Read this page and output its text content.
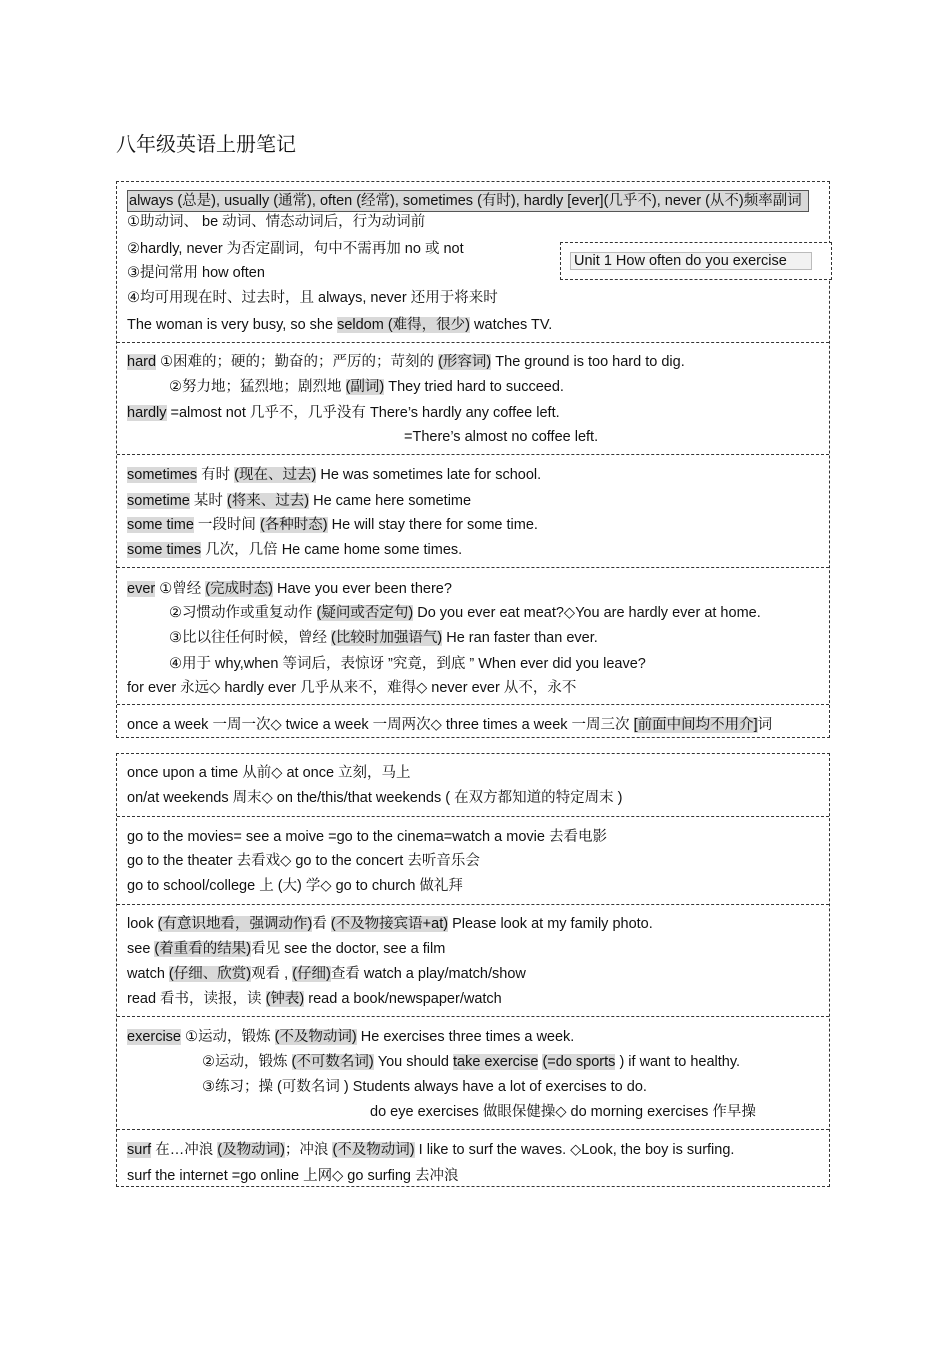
八年级英语上册笔记
always (总是), usually (通常), often (经常), sometimes (有时), hardly [ever](几乎不), never (从不)频率副词
①助动词、 be 动词、情态动词后，行为动词前
②hardly, never 为否定副词，句中不需再加 no 或 not
③提问常用 how often
④均可用现在时、过去时，且 always, never 还用于将来时
The woman is very busy, so she seldom (难得，很少) watches TV.
Unit 1 How often do you exercise
hard ①困难的；硬的；勤奋的；严厉的；苛刻的 (形容词) The ground is too hard to dig.
②努力地；猛烈地；剧烈地 (副词) They tried hard to succeed.
hardly =almost not 几乎不，几乎没有 There’s hardly any coffee left.
=There’s almost no coffee left.
sometimes 有时 (现在、过去) He was sometimes late for school.
sometime 某时 (将来、过去) He came here sometime
some time 一段时间 (各种时态) He will stay there for some time.
some times 几次，几倍 He came home some times.
ever ①曾经 (完成时态) Have you ever been there?
②习惯动作或重复动作 (疑问或否定句) Do you ever eat meat?◇You are hardly ever at home.
③比以往任何时候，曾经 (比较时加强语气) He ran faster than ever.
④用于 why,when 等词后，表惊讶 ”究竟，到底 ” When ever did you leave?
for ever 永远◇ hardly ever 几乎从来不，难得◇ never ever 从不，永不
once a week 一周一次◇ twice a week 一周两次◇ three times a week 一周三次 [前面中间均不用介]词
once upon a time 从前◇ at once 立刻，马上
on/at weekends 周末◇ on the/this/that weekends ( 在双方都知道的特定周末 )
go to the movies= see a moive =go to the cinema=watch a movie 去看电影
go to the theater 去看戏◇ go to the concert 去听音乐会
go to school/college 上 (大) 学◇ go to church 做礼拜
look (有意识地看，强调动作)看 (不及物接宾语+at) Please look at my family photo.
see (着重看的结果)看见 see the doctor, see a film
watch (仔细、欣赏)观看 , (仔细)查看 watch a play/match/show
read 看书，读报，读 (钟表) read a book/newspaper/watch
exercise ①运动，锻炼 (不及物动词) He exercises three times a week.
②运动，锻炼 (不可数名词) You should take exercise (=do sports ) if want to healthy.
③练习；操 (可数名词 ) Students always have a lot of exercises to do.
do eye exercises 做眼保健操◇ do morning exercises 作早操
surf 在…冲浪 (及物动词)；冲浪 (不及物动词) I like to surf the waves. ◇Look, the boy is surfing.
surf the internet =go online 上网◇ go surfing 去冲浪
